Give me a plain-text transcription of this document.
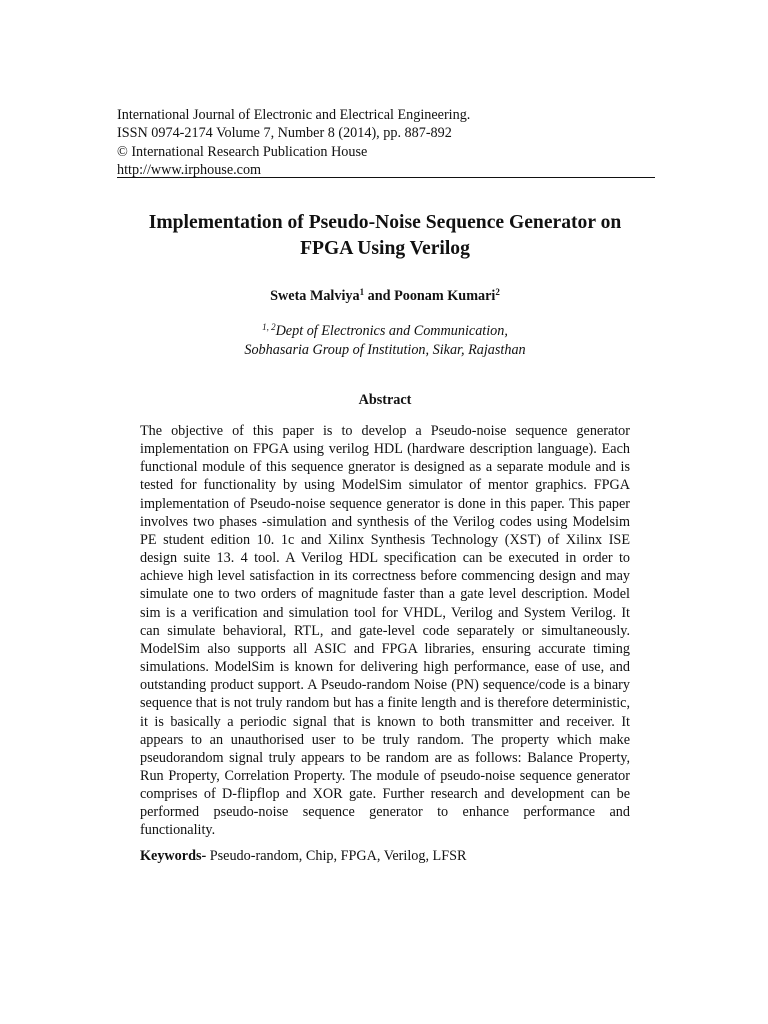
International Journal of Electronic and Electrical Engineering.
ISSN 0974-2174 Volume 7, Number 8 (2014), pp. 887-892
© International Research Publication House
http://www.irphouse.com
Implementation of Pseudo-Noise Sequence Generator on
FPGA Using Verilog
Sweta Malviya$^1$ and Poonam Kumari$^2$
$^{1, 2}$Dept of Electronics and Communication,
Sobhasaria Group of Institution, Sikar, Rajasthan
Abstract
The objective of this paper is to develop a Pseudo-noise sequence generator implementation on FPGA using verilog HDL (hardware description language). Each functional module of this sequence gnerator is designed as a separate module and is tested for functionality by using ModelSim simulator of mentor graphics. FPGA implementation of Pseudo-noise sequence generator is done in this paper. This paper involves two phases -simulation and synthesis of the Verilog codes using Modelsim PE student edition 10. 1c and Xilinx Synthesis Technology (XST) of Xilinx ISE design suite 13. 4 tool. A Verilog HDL specification can be executed in order to achieve high level satisfaction in its correctness before commencing design and may simulate one to two orders of magnitude faster than a gate level description. Model sim is a verification and simulation tool for VHDL, Verilog and System Verilog. It can simulate behavioral, RTL, and gate-level code separately or simultaneously. ModelSim also supports all ASIC and FPGA libraries, ensuring accurate timing simulations. ModelSim is known for delivering high performance, ease of use, and outstanding product support. A Pseudo-random Noise (PN) sequence/code is a binary sequence that is not truly random but has a finite length and is therefore deterministic, it is basically a periodic signal that is known to both transmitter and receiver. It appears to an unauthorised user to be truly random. The property which make pseudorandom signal truly appears to be random are as follows: Balance Property, Run Property, Correlation Property. The module of pseudo-noise sequence generator comprises of D-flipflop and XOR gate. Further research and development can be performed pseudo-noise sequence generator to enhance performance and functionality.
Keywords- Pseudo-random, Chip, FPGA, Verilog, LFSR
